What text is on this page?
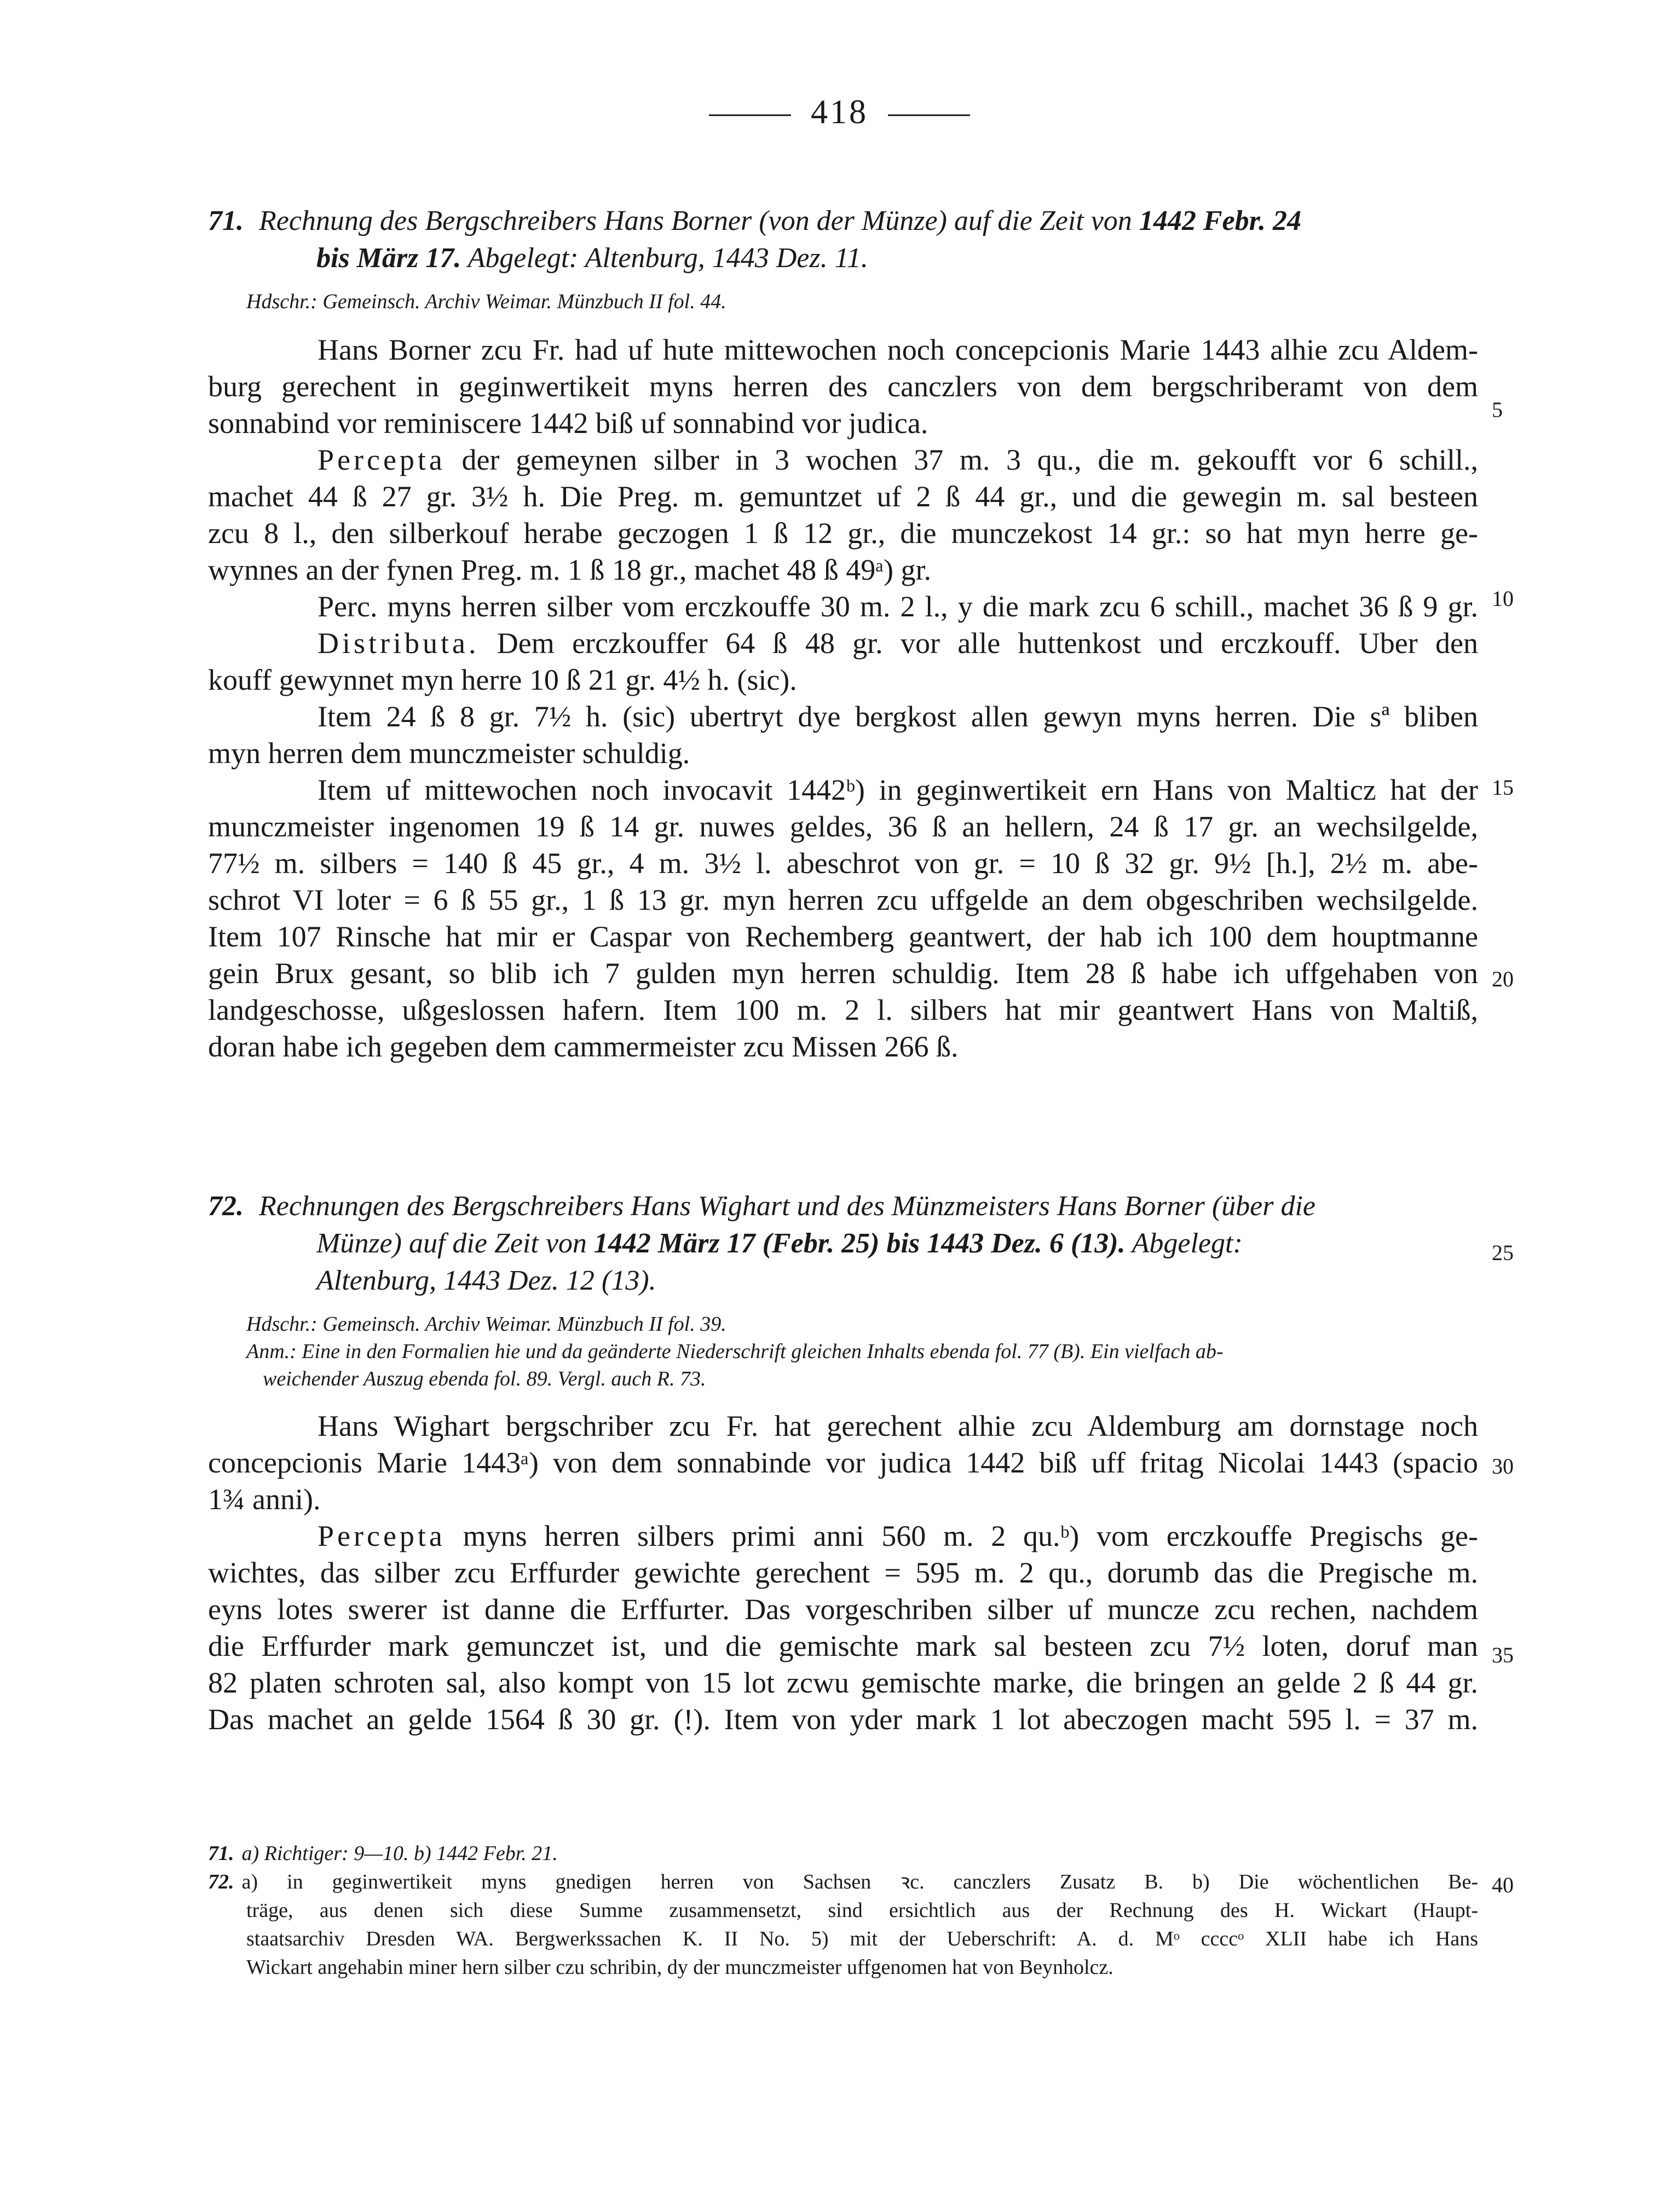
418
71. Rechnung des Bergschreibers Hans Borner (von der Münze) auf die Zeit von 1442 Febr. 24
bis März 17. Abgelegt: Altenburg, 1443 Dez. 11.
Hdschr.: Gemeinsch. Archiv Weimar. Münzbuch II fol. 44.
Hans Borner zcu Fr. had uf hute mittewochen noch concepcionis Marie 1443 alhie zcu Aldem-
burg gerechent in geginwertikeit myns herren des canczlers von dem bergschriberamt von dem
sonnabind vor reminiscere 1442 biß uf sonnabind vor judica.
Percepta der gemeynen silber in 3 wochen 37 m. 3 qu., die m. gekoufft vor 6 schill.,
machet 44 ß 27 gr. 3½ h. Die Preg. m. gemuntzet uf 2 ß 44 gr., und die gewegin m. sal besteen
zcu 8 l., den silberkouf herabe geczogen 1 ß 12 gr., die munczekost 14 gr.: so hat myn herre ge-
wynnes an der fynen Preg. m. 1 ß 18 gr., machet 48 ß 49ᵃ) gr.
Perc. myns herren silber vom erczkouffe 30 m. 2 l., y die mark zcu 6 schill., machet 36 ß 9 gr.
Distributa. Dem erczkouffer 64 ß 48 gr. vor alle huttenkost und erczkouff. Uber den
kouff gewynnet myn herre 10 ß 21 gr. 4½ h. (sic).
Item 24 ß 8 gr. 7½ h. (sic) ubertryt dye bergkost allen gewyn myns herren. Die sª bliben
myn herren dem munczmeister schuldig.
Item uf mittewochen noch invocavit 1442ᵇ) in geginwertikeit ern Hans von Malticz hat der
munczmeister ingenomen 19 ß 14 gr. nuwes geldes, 36 ß an hellern, 24 ß 17 gr. an wechsilgelde,
77½ m. silbers = 140 ß 45 gr., 4 m. 3½ l. abeschrot von gr. = 10 ß 32 gr. 9½ [h.], 2½ m. abe-
schrot VI loter = 6 ß 55 gr., 1 ß 13 gr. myn herren zcu uffgelde an dem obgeschriben wechsilgelde.
Item 107 Rinsche hat mir er Caspar von Rechemberg geantwert, der hab ich 100 dem houptmanne
gein Brux gesant, so blib ich 7 gulden myn herren schuldig. Item 28 ß habe ich uffgehaben von
landgeschosse, ußgeslossen hafern. Item 100 m. 2 l. silbers hat mir geantwert Hans von Maltiß,
doran habe ich gegeben dem cammermeister zcu Missen 266 ß.
72. Rechnungen des Bergschreibers Hans Wighart und des Münzmeisters Hans Borner (über die
Münze) auf die Zeit von 1442 März 17 (Febr. 25) bis 1443 Dez. 6 (13). Abgelegt:
Altenburg, 1443 Dez. 12 (13).
Hdschr.: Gemeinsch. Archiv Weimar. Münzbuch II fol. 39.
Anm.: Eine in den Formalien hie und da geänderte Niederschrift gleichen Inhalts ebenda fol. 77 (B). Ein vielfach ab-
weichender Auszug ebenda fol. 89. Vergl. auch R. 73.
Hans Wighart bergschriber zcu Fr. hat gerechent alhie zcu Aldemburg am dornstage noch
concepcionis Marie 1443ᵃ) von dem sonnabinde vor judica 1442 biß uff fritag Nicolai 1443 (spacio
1¾ anni).
Percepta myns herren silbers primi anni 560 m. 2 qu.ᵇ) vom erczkouffe Pregischs ge-
wichtes, das silber zcu Erffurder gewichte gerechent = 595 m. 2 qu., dorumb das die Pregische m.
eyns lotes swerer ist danne die Erffurter. Das vorgeschriben silber uf muncze zcu rechen, nachdem
die Erffurder mark gemunczet ist, und die gemischte mark sal besteen zcu 7½ loten, doruf man
82 platen schroten sal, also kompt von 15 lot zcwu gemischte marke, die bringen an gelde 2 ß 44 gr.
Das machet an gelde 1564 ß 30 gr. (!). Item von yder mark 1 lot abeczogen macht 595 l. = 37 m.
71. a) Richtiger: 9—10. b) 1442 Febr. 21.
72. a) in geginwertikeit myns gnedigen herren von Sachsen ꝛc. canczlers Zusatz B. b) Die wöchentlichen Be-
träge, aus denen sich diese Summe zusammensetzt, sind ersichtlich aus der Rechnung des H. Wickart (Haupt-
staatsarchiv Dresden WA. Bergwerkssachen K. II No. 5) mit der Ueberschrift: A. d. Mᵒ ccccᵒ XLII habe ich Hans
Wickart angehabin miner hern silber czu schribin, dy der munczmeister uffgenomen hat von Beynholcz.
5
10
15
20
25
30
35
40
